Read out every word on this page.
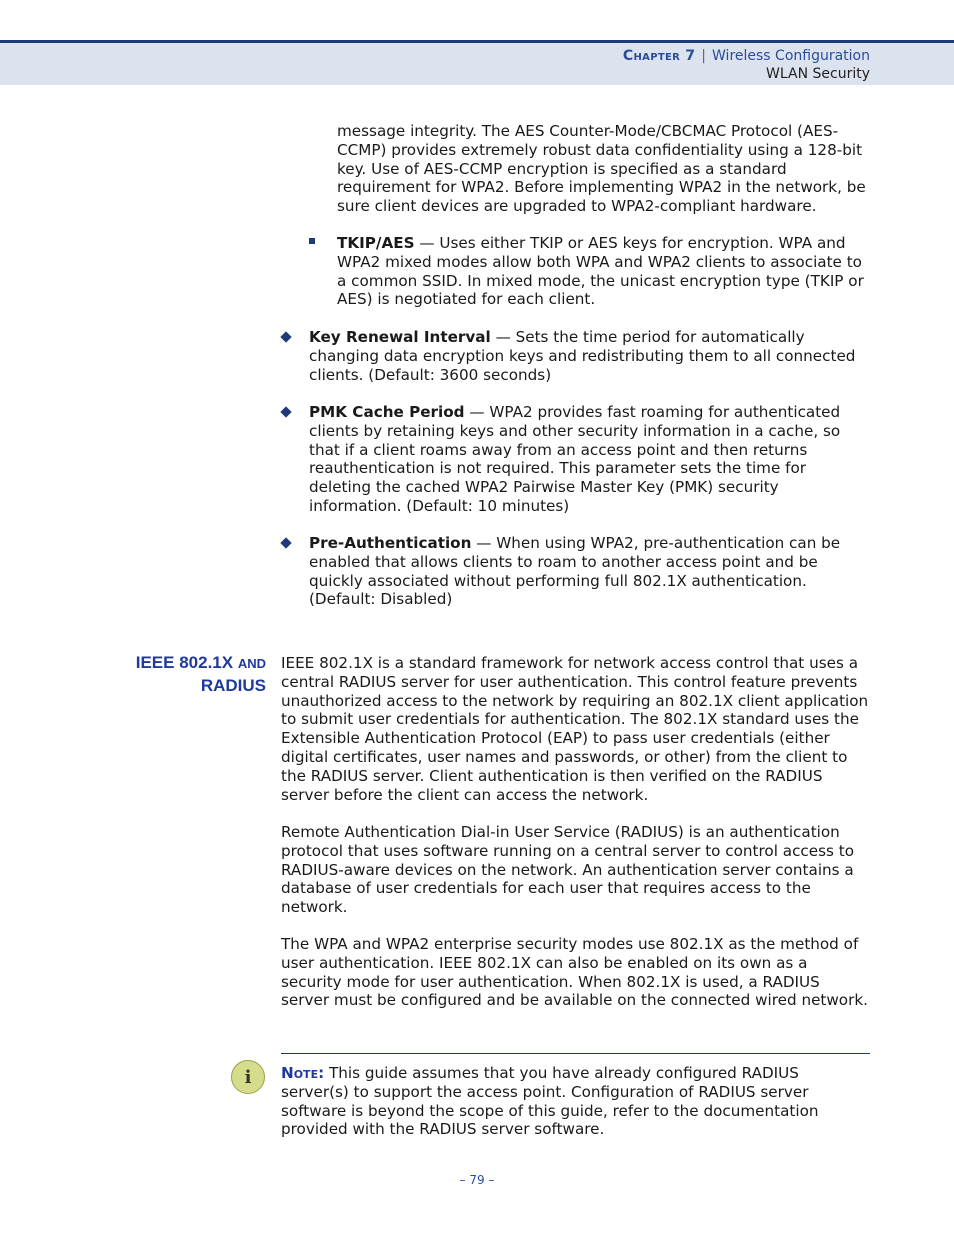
Chapter 7 | Wireless Configuration
WLAN Security

message integrity. The AES Counter-Mode/CBCMAC Protocol (AES-CCMP) provides extremely robust data confidentiality using a 128-bit key. Use of AES-CCMP encryption is specified as a standard requirement for WPA2. Before implementing WPA2 in the network, be sure client devices are upgraded to WPA2-compliant hardware.

TKIP/AES — Uses either TKIP or AES keys for encryption. WPA and WPA2 mixed modes allow both WPA and WPA2 clients to associate to a common SSID. In mixed mode, the unicast encryption type (TKIP or AES) is negotiated for each client.

Key Renewal Interval — Sets the time period for automatically changing data encryption keys and redistributing them to all connected clients. (Default: 3600 seconds)

PMK Cache Period — WPA2 provides fast roaming for authenticated clients by retaining keys and other security information in a cache, so that if a client roams away from an access point and then returns reauthentication is not required. This parameter sets the time for deleting the cached WPA2 Pairwise Master Key (PMK) security information. (Default: 10 minutes)

Pre-Authentication — When using WPA2, pre-authentication can be enabled that allows clients to roam to another access point and be quickly associated without performing full 802.1X authentication. (Default: Disabled)

IEEE 802.1X AND
RADIUS

IEEE 802.1X is a standard framework for network access control that uses a central RADIUS server for user authentication. This control feature prevents unauthorized access to the network by requiring an 802.1X client application to submit user credentials for authentication. The 802.1X standard uses the Extensible Authentication Protocol (EAP) to pass user credentials (either digital certificates, user names and passwords, or other) from the client to the RADIUS server. Client authentication is then verified on the RADIUS server before the client can access the network.

Remote Authentication Dial-in User Service (RADIUS) is an authentication protocol that uses software running on a central server to control access to RADIUS-aware devices on the network. An authentication server contains a database of user credentials for each user that requires access to the network.

The WPA and WPA2 enterprise security modes use 802.1X as the method of user authentication. IEEE 802.1X can also be enabled on its own as a security mode for user authentication. When 802.1X is used, a RADIUS server must be configured and be available on the connected wired network.

i Note: This guide assumes that you have already configured RADIUS server(s) to support the access point. Configuration of RADIUS server software is beyond the scope of this guide, refer to the documentation provided with the RADIUS server software.

– 79 –
